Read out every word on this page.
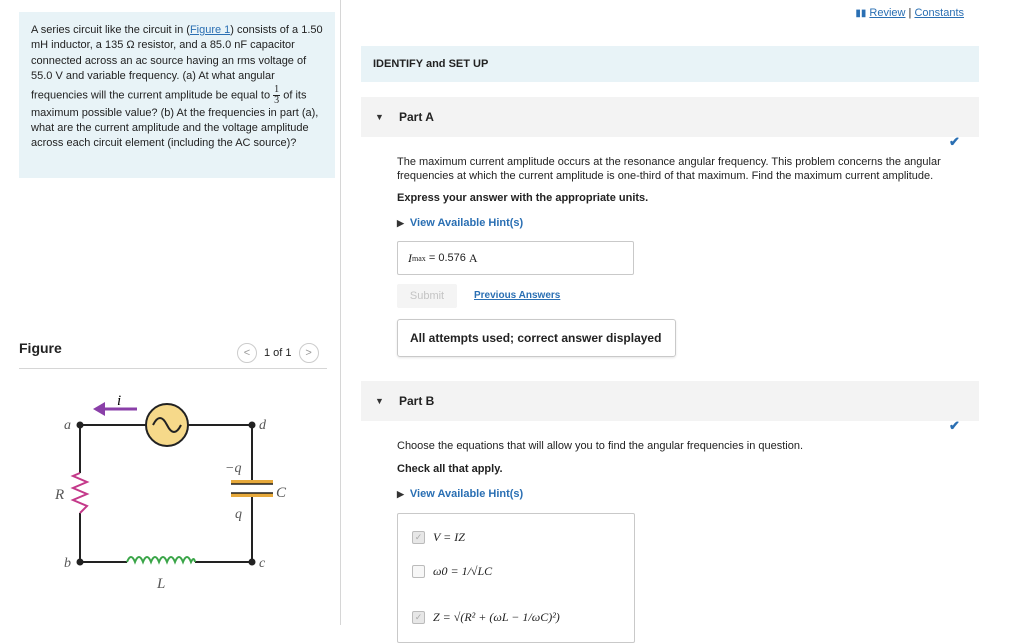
A series circuit like the circuit in (Figure 1) consists of a 1.50 mH inductor, a 135 Ω resistor, and a 85.0 nF capacitor connected across an ac source having an rms voltage of 55.0 V and variable frequency. (a) At what angular frequencies will the current amplitude be equal to $\frac{1}{3}$ of its maximum possible value? (b) At the frequencies in part (a), what are the current amplitude and the voltage amplitude across each circuit element (including the AC source)?
Figure	< 1 of 1 >
i
a	d
b	c
R
L
C
−q
q
▮▮ Review | Constants
IDENTIFY and SET UP
▼ Part A
✔
The maximum current amplitude occurs at the resonance angular frequency. This problem concerns the angular frequencies at which the current amplitude is one-third of that maximum. Find the maximum current amplitude.
Express your answer with the appropriate units.
▶ View Available Hint(s)
I max = 0.576
A
Submit	Previous Answers
All attempts used; correct answer displayed
▼ Part B
✔
Choose the equations that will allow you to find the angular frequencies in question.
Check all that apply.
▶ View Available Hint(s)
✓ V = IZ
ω0 = 1/√LC
✓ Z = √(R² + (ωL − 1/ωC)²)
